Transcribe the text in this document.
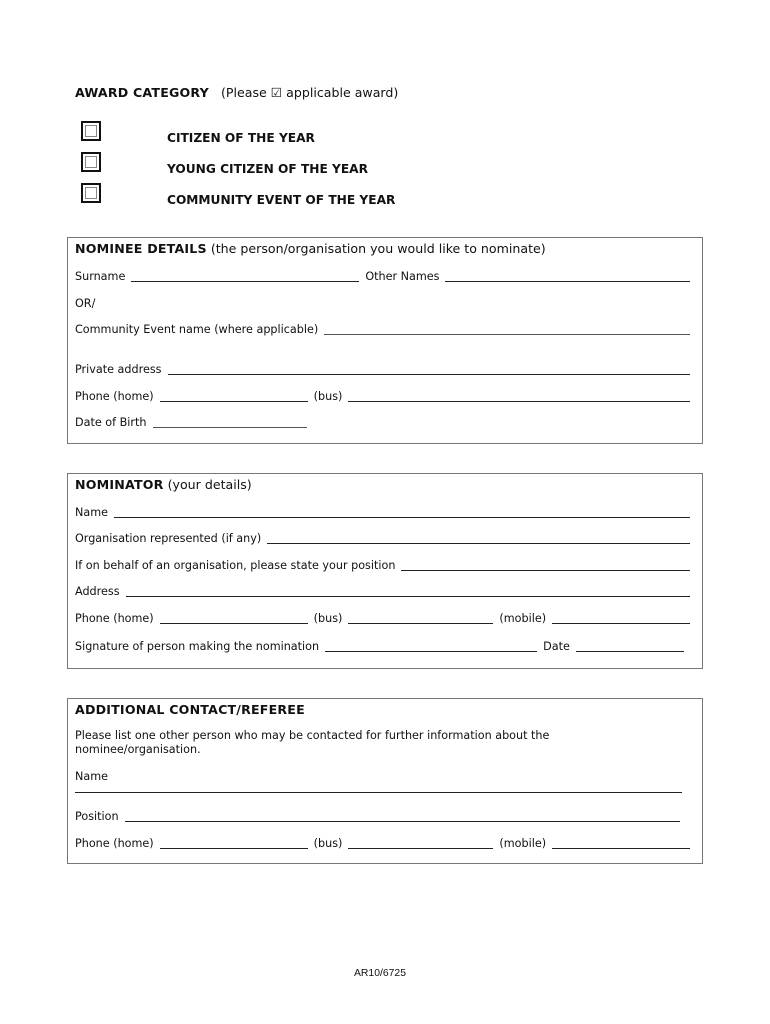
AWARD CATEGORY (Please ☑ applicable award)
CITIZEN OF THE YEAR
YOUNG CITIZEN OF THE YEAR
COMMUNITY EVENT OF THE YEAR
NOMINEE DETAILS (the person/organisation you would like to nominate)
Surname	Other Names
OR/
Community Event name (where applicable)
Private address
Phone (home)	(bus)
Date of Birth
NOMINATOR (your details)
Name
Organisation represented (if any)
If on behalf of an organisation, please state your position
Address
Phone (home)	(bus)	(mobile)
Signature of person making the nomination	Date
ADDITIONAL CONTACT/REFEREE
Please list one other person who may be contacted for further information about the
nominee/organisation.
Name
Position
Phone (home)	(bus)	(mobile)
AR10/6725
